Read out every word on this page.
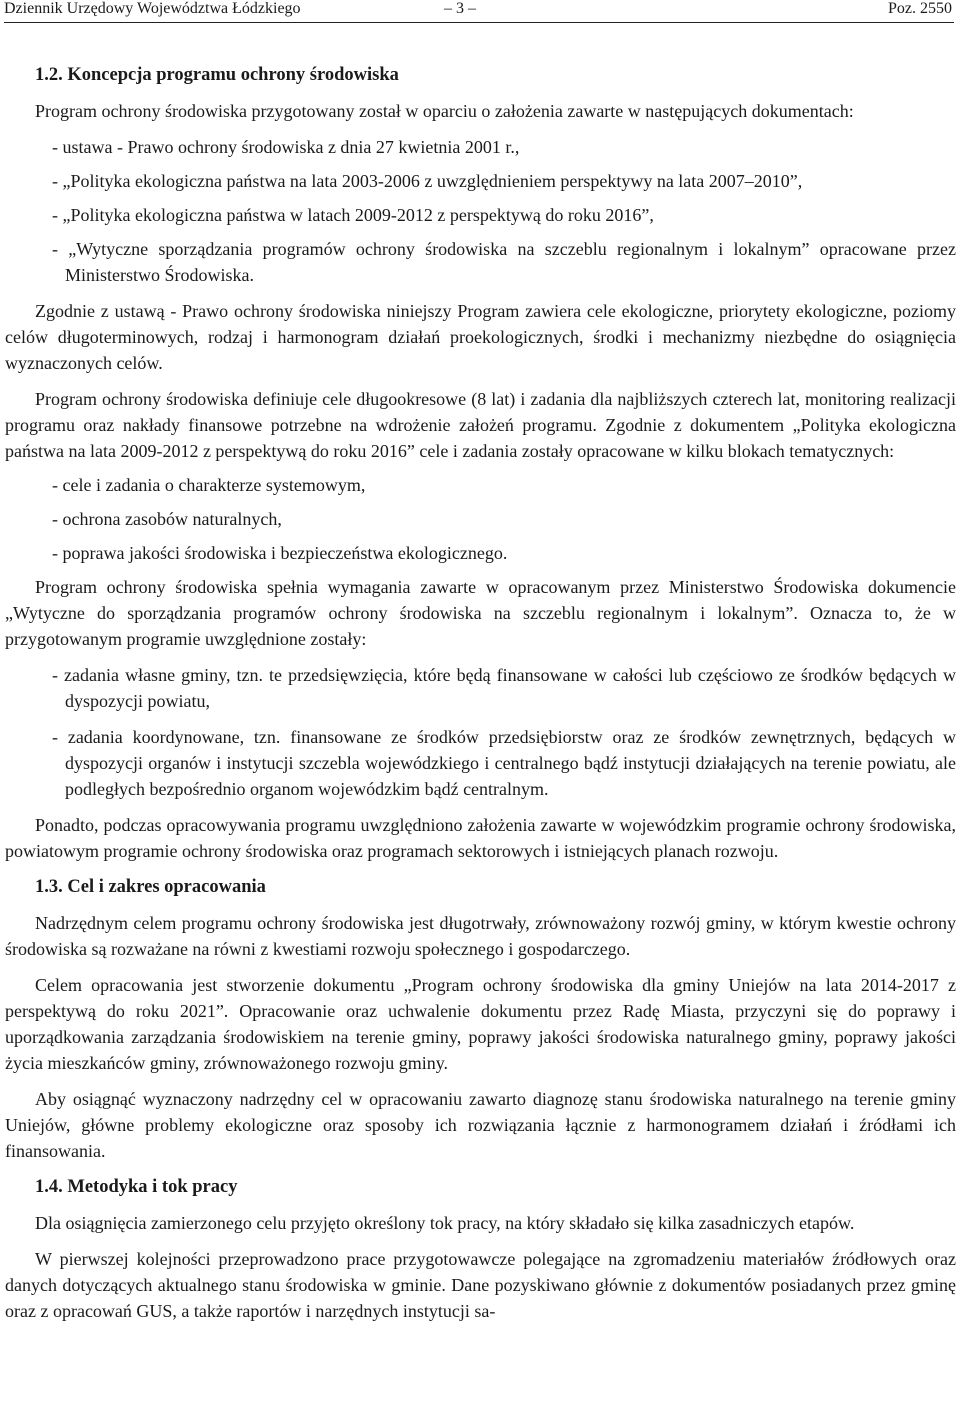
Dziennik Urzędowy Województwa Łódzkiego	– 3 –	Poz. 2550
1.2. Koncepcja programu ochrony środowiska

Program ochrony środowiska przygotowany został w oparciu o założenia zawarte w następujących dokumentach:

- ustawa - Prawo ochrony środowiska z dnia 27 kwietnia 2001 r.,

- „Polityka ekologiczna państwa na lata 2003-2006 z uwzględnieniem perspektywy na lata 2007–2010”,

- „Polityka ekologiczna państwa w latach 2009-2012 z perspektywą do roku 2016”,

- „Wytyczne sporządzania programów ochrony środowiska na szczeblu regionalnym i lokalnym” opracowane przez Ministerstwo Środowiska.

Zgodnie z ustawą - Prawo ochrony środowiska niniejszy Program zawiera cele ekologiczne, priorytety ekologiczne, poziomy celów długoterminowych, rodzaj i harmonogram działań proekologicznych, środki i mechanizmy niezbędne do osiągnięcia wyznaczonych celów.

Program ochrony środowiska definiuje cele długookresowe (8 lat) i zadania dla najbliższych czterech lat, monitoring realizacji programu oraz nakłady finansowe potrzebne na wdrożenie założeń programu. Zgodnie z dokumentem „Polityka ekologiczna państwa na lata 2009-2012 z perspektywą do roku 2016” cele i zadania zostały opracowane w kilku blokach tematycznych:

- cele i zadania o charakterze systemowym,

- ochrona zasobów naturalnych,

- poprawa jakości środowiska i bezpieczeństwa ekologicznego.

Program ochrony środowiska spełnia wymagania zawarte w opracowanym przez Ministerstwo Środowiska dokumencie „Wytyczne do sporządzania programów ochrony środowiska na szczeblu regionalnym i lokalnym”. Oznacza to, że w przygotowanym programie uwzględnione zostały:

- zadania własne gminy, tzn. te przedsięwzięcia, które będą finansowane w całości lub częściowo ze środków będących w dyspozycji powiatu,

- zadania koordynowane, tzn. finansowane ze środków przedsiębiorstw oraz ze środków zewnętrznych, będących w dyspozycji organów i instytucji szczebla wojewódzkiego i centralnego bądź instytucji działających na terenie powiatu, ale podległych bezpośrednio organom wojewódzkim bądź centralnym.

Ponadto, podczas opracowywania programu uwzględniono założenia zawarte w wojewódzkim programie ochrony środowiska, powiatowym programie ochrony środowiska oraz programach sektorowych i istniejących planach rozwoju.

1.3. Cel i zakres opracowania

Nadrzędnym celem programu ochrony środowiska jest długotrwały, zrównoważony rozwój gminy, w którym kwestie ochrony środowiska są rozważane na równi z kwestiami rozwoju społecznego i gospodarczego.

Celem opracowania jest stworzenie dokumentu „Program ochrony środowiska dla gminy Uniejów na lata 2014-2017 z perspektywą do roku 2021”. Opracowanie oraz uchwalenie dokumentu przez Radę Miasta, przyczyni się do poprawy i uporządkowania zarządzania środowiskiem na terenie gminy, poprawy jakości środowiska naturalnego gminy, poprawy jakości życia mieszkańców gminy, zrównoważonego rozwoju gminy.

Aby osiągnąć wyznaczony nadrzędny cel w opracowaniu zawarto diagnozę stanu środowiska naturalnego na terenie gminy Uniejów, główne problemy ekologiczne oraz sposoby ich rozwiązania łącznie z harmonogramem działań i źródłami ich finansowania.

1.4. Metodyka i tok pracy

Dla osiągnięcia zamierzonego celu przyjęto określony tok pracy, na który składało się kilka zasadniczych etapów.

W pierwszej kolejności przeprowadzono prace przygotowawcze polegające na zgromadzeniu materiałów źródłowych oraz danych dotyczących aktualnego stanu środowiska w gminie. Dane pozyskiwano głównie z dokumentów posiadanych przez gminę oraz z opracowań GUS, a także raportów i narzędnych instytucji sa-
